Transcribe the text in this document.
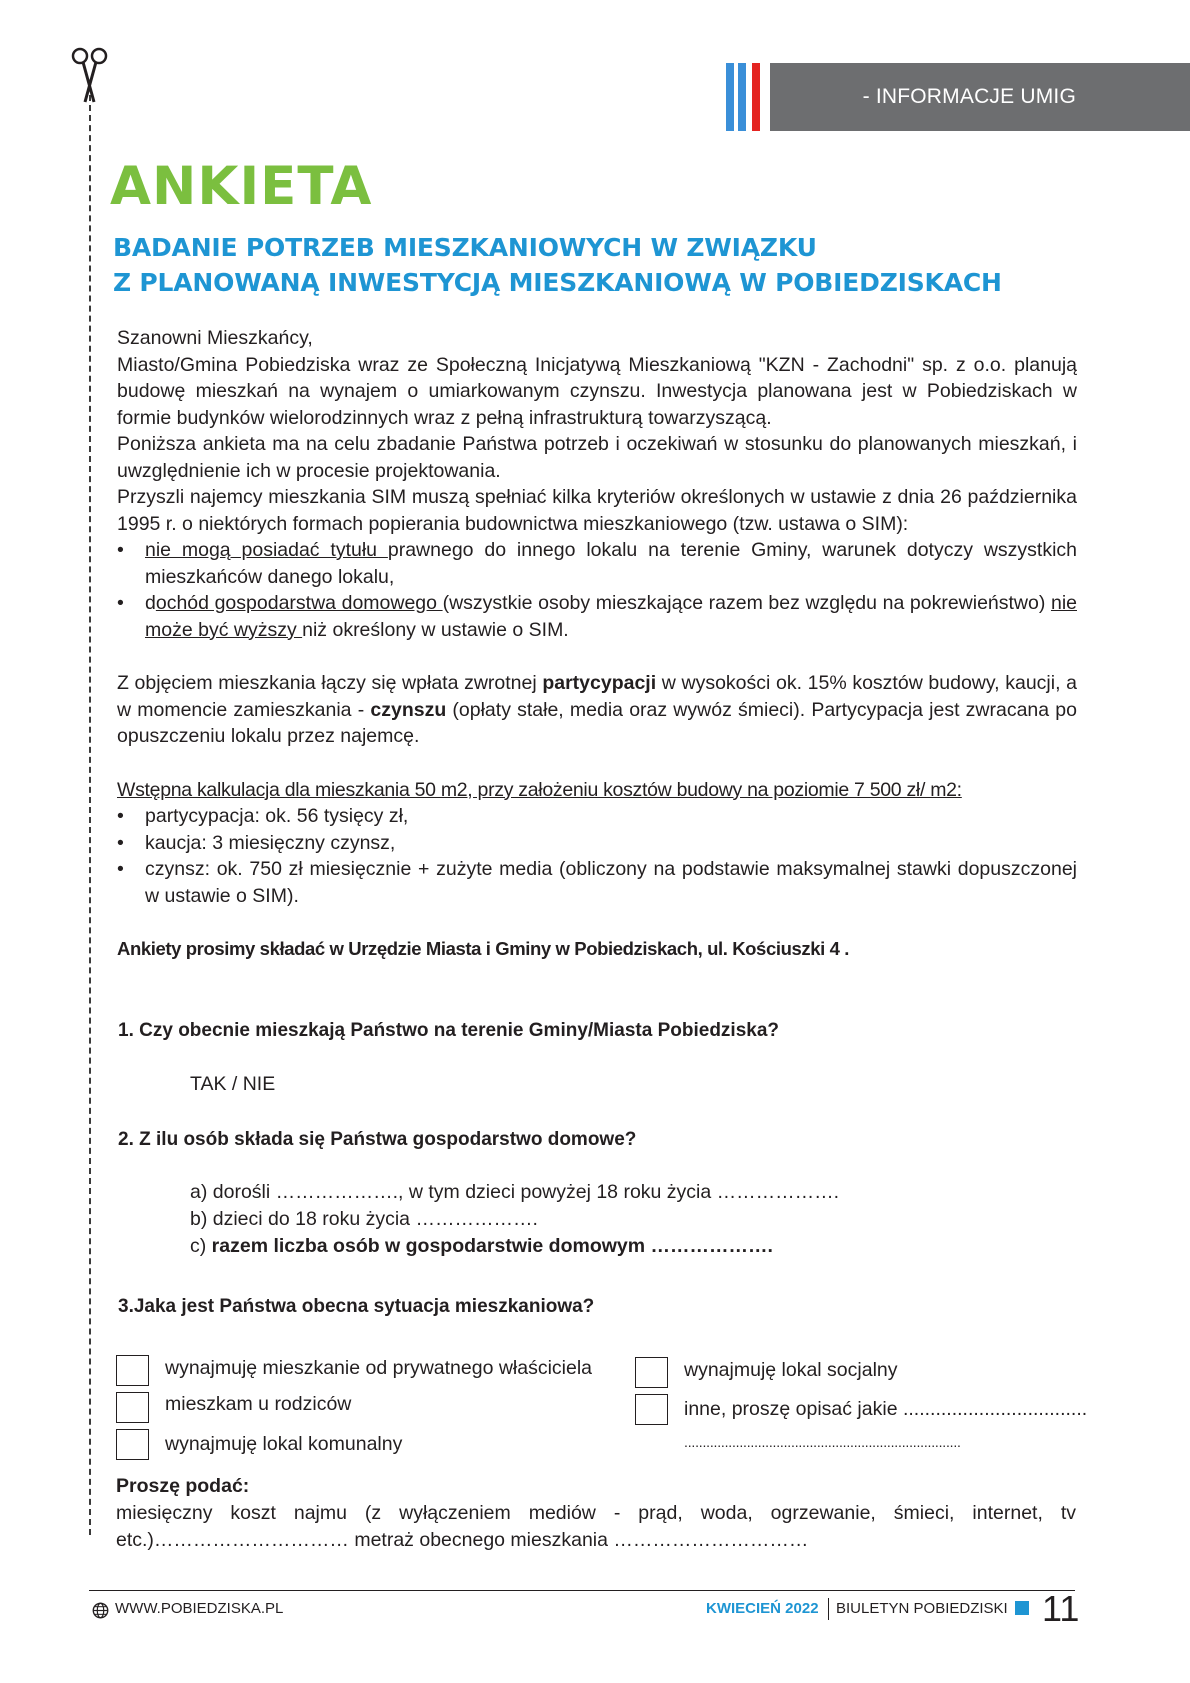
- INFORMACJE UMIG
ANKIETA
BADANIE POTRZEB MIESZKANIOWYCH W ZWIĄZKU
Z PLANOWANĄ INWESTYCJĄ MIESZKANIOWĄ W POBIEDZISKACH

Szanowni Mieszkańcy,

Miasto/Gmina Pobiedziska wraz ze Społeczną Inicjatywą Mieszkaniową "KZN - Zachodni" sp. z o.o. planują budowę mieszkań na wynajem o umiarkowanym czynszu. Inwestycja planowana jest w Pobiedziskach w formie budynków wielorodzinnych wraz z pełną infrastrukturą towarzyszącą.

Poniższa ankieta ma na celu zbadanie Państwa potrzeb i oczekiwań w stosunku do planowanych mieszkań, i uwzględnienie ich w procesie projektowania.

Przyszli najemcy mieszkania SIM muszą spełniać kilka kryteriów określonych w ustawie z dnia 26 października 1995 r. o niektórych formach popierania budownictwa mieszkaniowego (tzw. ustawa o SIM):

• nie mogą posiadać tytułu prawnego do innego lokalu na terenie Gminy, warunek dotyczy wszystkich mieszkańców danego lokalu,
• dochód gospodarstwa domowego (wszystkie osoby mieszkające razem bez względu na pokrewieństwo) nie może być wyższy niż określony w ustawie o SIM.

Z objęciem mieszkania łączy się wpłata zwrotnej partycypacji w wysokości ok. 15% kosztów budowy, kaucji, a w momencie zamieszkania - czynszu (opłaty stałe, media oraz wywóz śmieci). Partycypacja jest zwracana po opuszczeniu lokalu przez najemcę.

Wstępna kalkulacja dla mieszkania 50 m2, przy założeniu kosztów budowy na poziomie 7 500 zł/ m2:

• partycypacja: ok. 56 tysięcy zł,
• kaucja: 3 miesięczny czynsz,
• czynsz: ok. 750 zł miesięcznie + zużyte media (obliczony na podstawie maksymalnej stawki dopuszczonej w ustawie o SIM).

Ankiety prosimy składać w Urzędzie Miasta i Gminy w Pobiedziskach, ul. Kościuszki 4 .

1. Czy obecnie mieszkają Państwo na terenie Gminy/Miasta Pobiedziska?
TAK / NIE
2. Z ilu osób składa się Państwa gospodarstwo domowe?
a) dorośli ………………., w tym dzieci powyżej 18 roku życia ……………….
b) dzieci do 18 roku życia ……………….
c) razem liczba osób w gospodarstwie domowym ……………….
3.Jaka jest Państwa obecna sytuacja mieszkaniowa?
wynajmuję mieszkanie od prywatnego właściciela
mieszkam u rodziców
wynajmuję lokal komunalny
wynajmuję lokal socjalny
inne, proszę opisać jakie ..................................
...........................................................................
Proszę podać:
miesięczny koszt najmu (z wyłączeniem mediów - prąd, woda, ogrzewanie, śmieci, internet, tv etc.)………………………… metraż obecnego mieszkania …………………………
WWW.POBIEDZISKA.PL	KWIECIEŃ 2022 BIULETYN POBIEDZISKI 11
